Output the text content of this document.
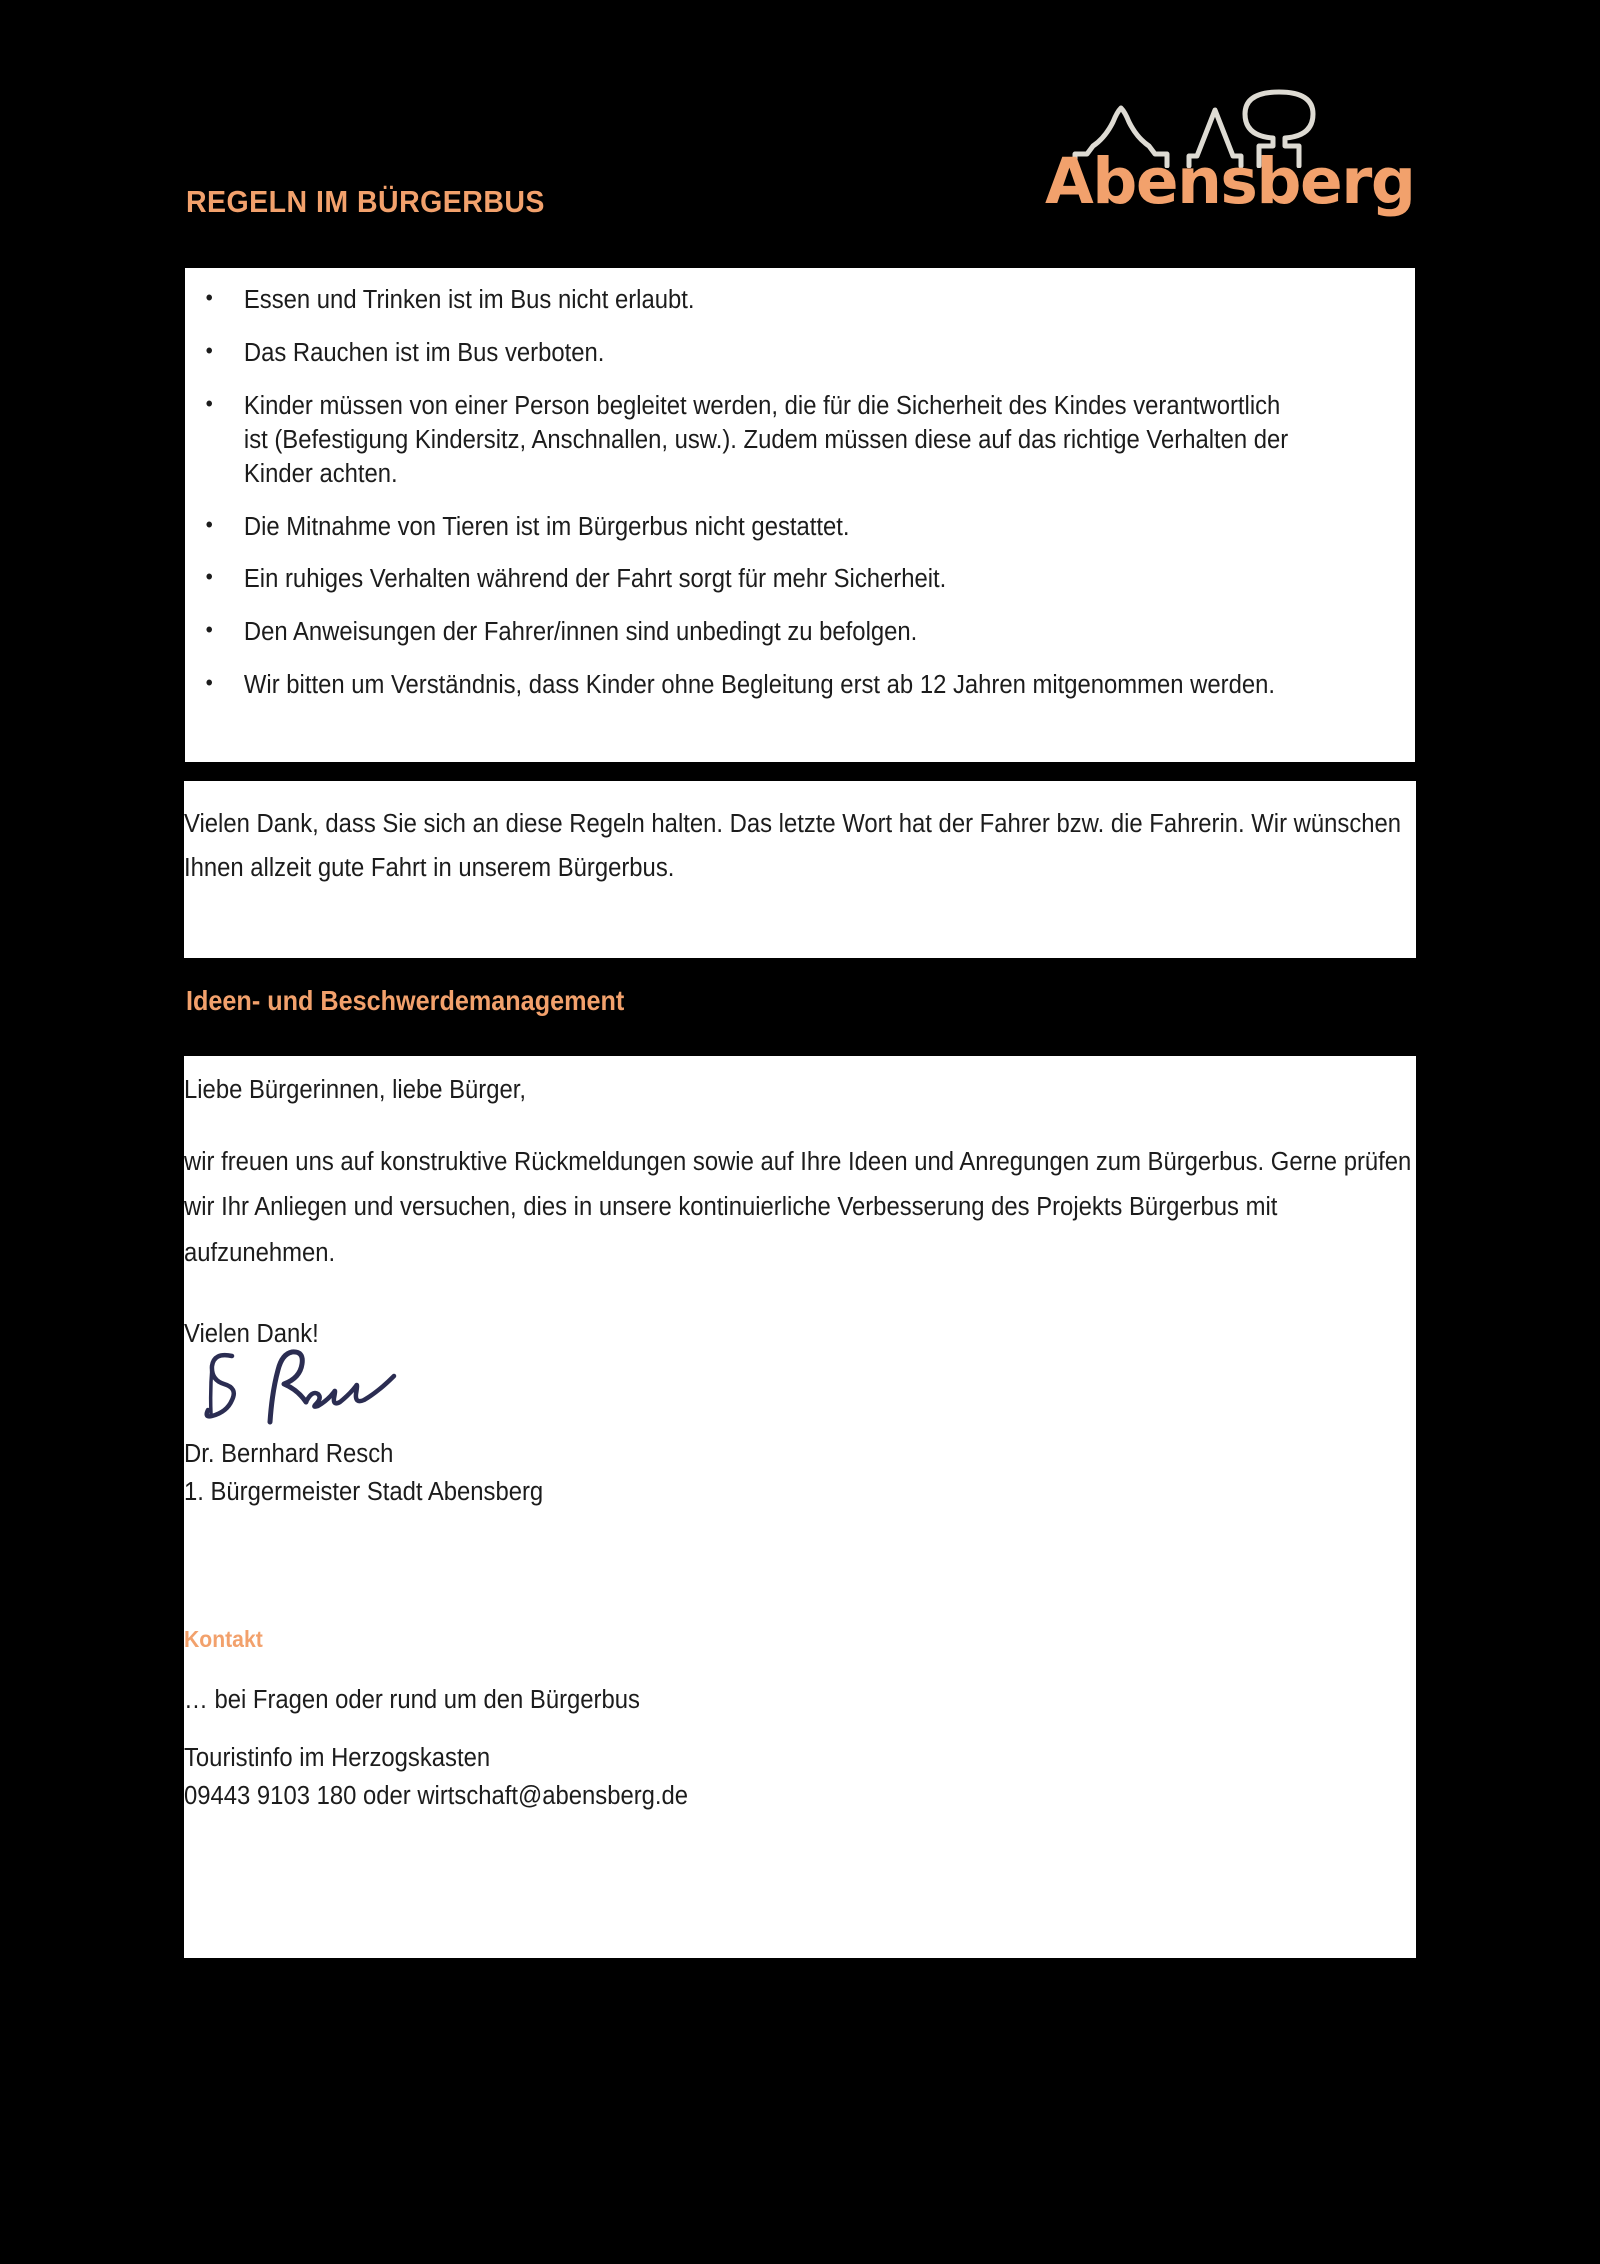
REGELN IM BÜRGERBUS	Abensberg
• Essen und Trinken ist im Bus nicht erlaubt.
• Das Rauchen ist im Bus verboten.
• Kinder müssen von einer Person begleitet werden, die für die Sicherheit des Kindes verantwortlich ist (Befestigung Kindersitz, Anschnallen, usw.). Zudem müssen diese auf das richtige Verhalten der Kinder achten.
• Die Mitnahme von Tieren ist im Bürgerbus nicht gestattet.
• Ein ruhiges Verhalten während der Fahrt sorgt für mehr Sicherheit.
• Den Anweisungen der Fahrer/innen sind unbedingt zu befolgen.
• Wir bitten um Verständnis, dass Kinder ohne Begleitung erst ab 12 Jahren mitgenommen werden.
Vielen Dank, dass Sie sich an diese Regeln halten. Das letzte Wort hat der Fahrer bzw. die Fahrerin. Wir wünschen Ihnen allzeit gute Fahrt in unserem Bürgerbus.
Ideen- und Beschwerdemanagement
Liebe Bürgerinnen, liebe Bürger,
wir freuen uns auf konstruktive Rückmeldungen sowie auf Ihre Ideen und Anregungen zum Bürgerbus. Gerne prüfen wir Ihr Anliegen und versuchen, dies in unsere kontinuierliche Verbesserung des Projekts Bürgerbus mit aufzunehmen.
Vielen Dank!
Dr. Bernhard Resch
1. Bürgermeister Stadt Abensberg
Kontakt
… bei Fragen oder rund um den Bürgerbus
Touristinfo im Herzogskasten
09443 9103 180 oder wirtschaft@abensberg.de
